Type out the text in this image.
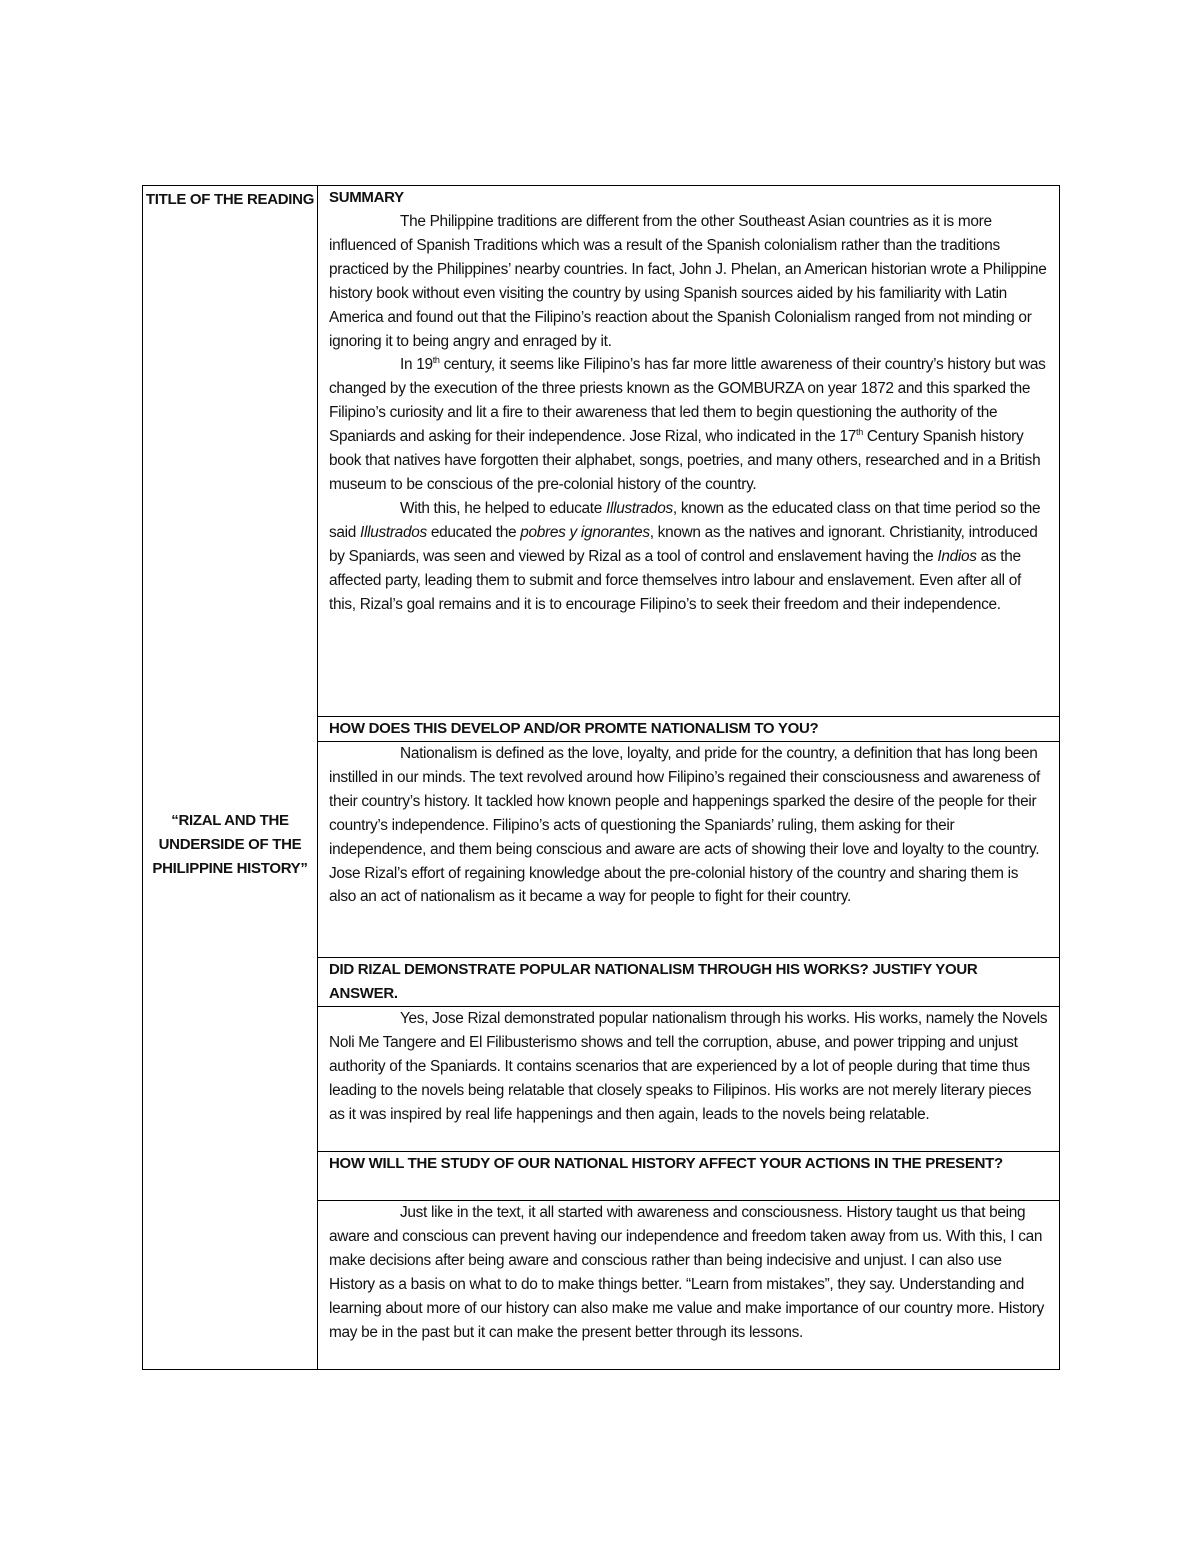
TITLE OF THE READING
“RIZAL AND THE UNDERSIDE OF THE PHILIPPINE HISTORY”

SUMMARY

The Philippine traditions are different from the other Southeast Asian countries as it is more influenced of Spanish Traditions which was a result of the Spanish colonialism rather than the traditions practiced by the Philippines’ nearby countries. In fact, John J. Phelan, an American historian wrote a Philippine history book without even visiting the country by using Spanish sources aided by his familiarity with Latin America and found out that the Filipino’s reaction about the Spanish Colonialism ranged from not minding or ignoring it to being angry and enraged by it.

In 19th century, it seems like Filipino’s has far more little awareness of their country’s history but was changed by the execution of the three priests known as the GOMBURZA on year 1872 and this sparked the Filipino’s curiosity and lit a fire to their awareness that led them to begin questioning the authority of the Spaniards and asking for their independence. Jose Rizal, who indicated in the 17th Century Spanish history book that natives have forgotten their alphabet, songs, poetries, and many others, researched and in a British museum to be conscious of the pre-colonial history of the country.

With this, he helped to educate Illustrados, known as the educated class on that time period so the said Illustrados educated the pobres y ignorantes, known as the natives and ignorant. Christianity, introduced by Spaniards, was seen and viewed by Rizal as a tool of control and enslavement having the Indios as the affected party, leading them to submit and force themselves intro labour and enslavement. Even after all of this, Rizal’s goal remains and it is to encourage Filipino’s to seek their freedom and their independence.

HOW DOES THIS DEVELOP AND/OR PROMTE NATIONALISM TO YOU?

Nationalism is defined as the love, loyalty, and pride for the country, a definition that has long been instilled in our minds. The text revolved around how Filipino’s regained their consciousness and awareness of their country’s history. It tackled how known people and happenings sparked the desire of the people for their country’s independence. Filipino’s acts of questioning the Spaniards’ ruling, them asking for their independence, and them being conscious and aware are acts of showing their love and loyalty to the country. Jose Rizal’s effort of regaining knowledge about the pre-colonial history of the country and sharing them is also an act of nationalism as it became a way for people to fight for their country.

DID RIZAL DEMONSTRATE POPULAR NATIONALISM THROUGH HIS WORKS? JUSTIFY YOUR ANSWER.

Yes, Jose Rizal demonstrated popular nationalism through his works. His works, namely the Novels Noli Me Tangere and El Filibusterismo shows and tell the corruption, abuse, and power tripping and unjust authority of the Spaniards. It contains scenarios that are experienced by a lot of people during that time thus leading to the novels being relatable that closely speaks to Filipinos. His works are not merely literary pieces as it was inspired by real life happenings and then again, leads to the novels being relatable.

HOW WILL THE STUDY OF OUR NATIONAL HISTORY AFFECT YOUR ACTIONS IN THE PRESENT?

Just like in the text, it all started with awareness and consciousness. History taught us that being aware and conscious can prevent having our independence and freedom taken away from us. With this, I can make decisions after being aware and conscious rather than being indecisive and unjust. I can also use History as a basis on what to do to make things better. “Learn from mistakes”, they say. Understanding and learning about more of our history can also make me value and make importance of our country more. History may be in the past but it can make the present better through its lessons.
